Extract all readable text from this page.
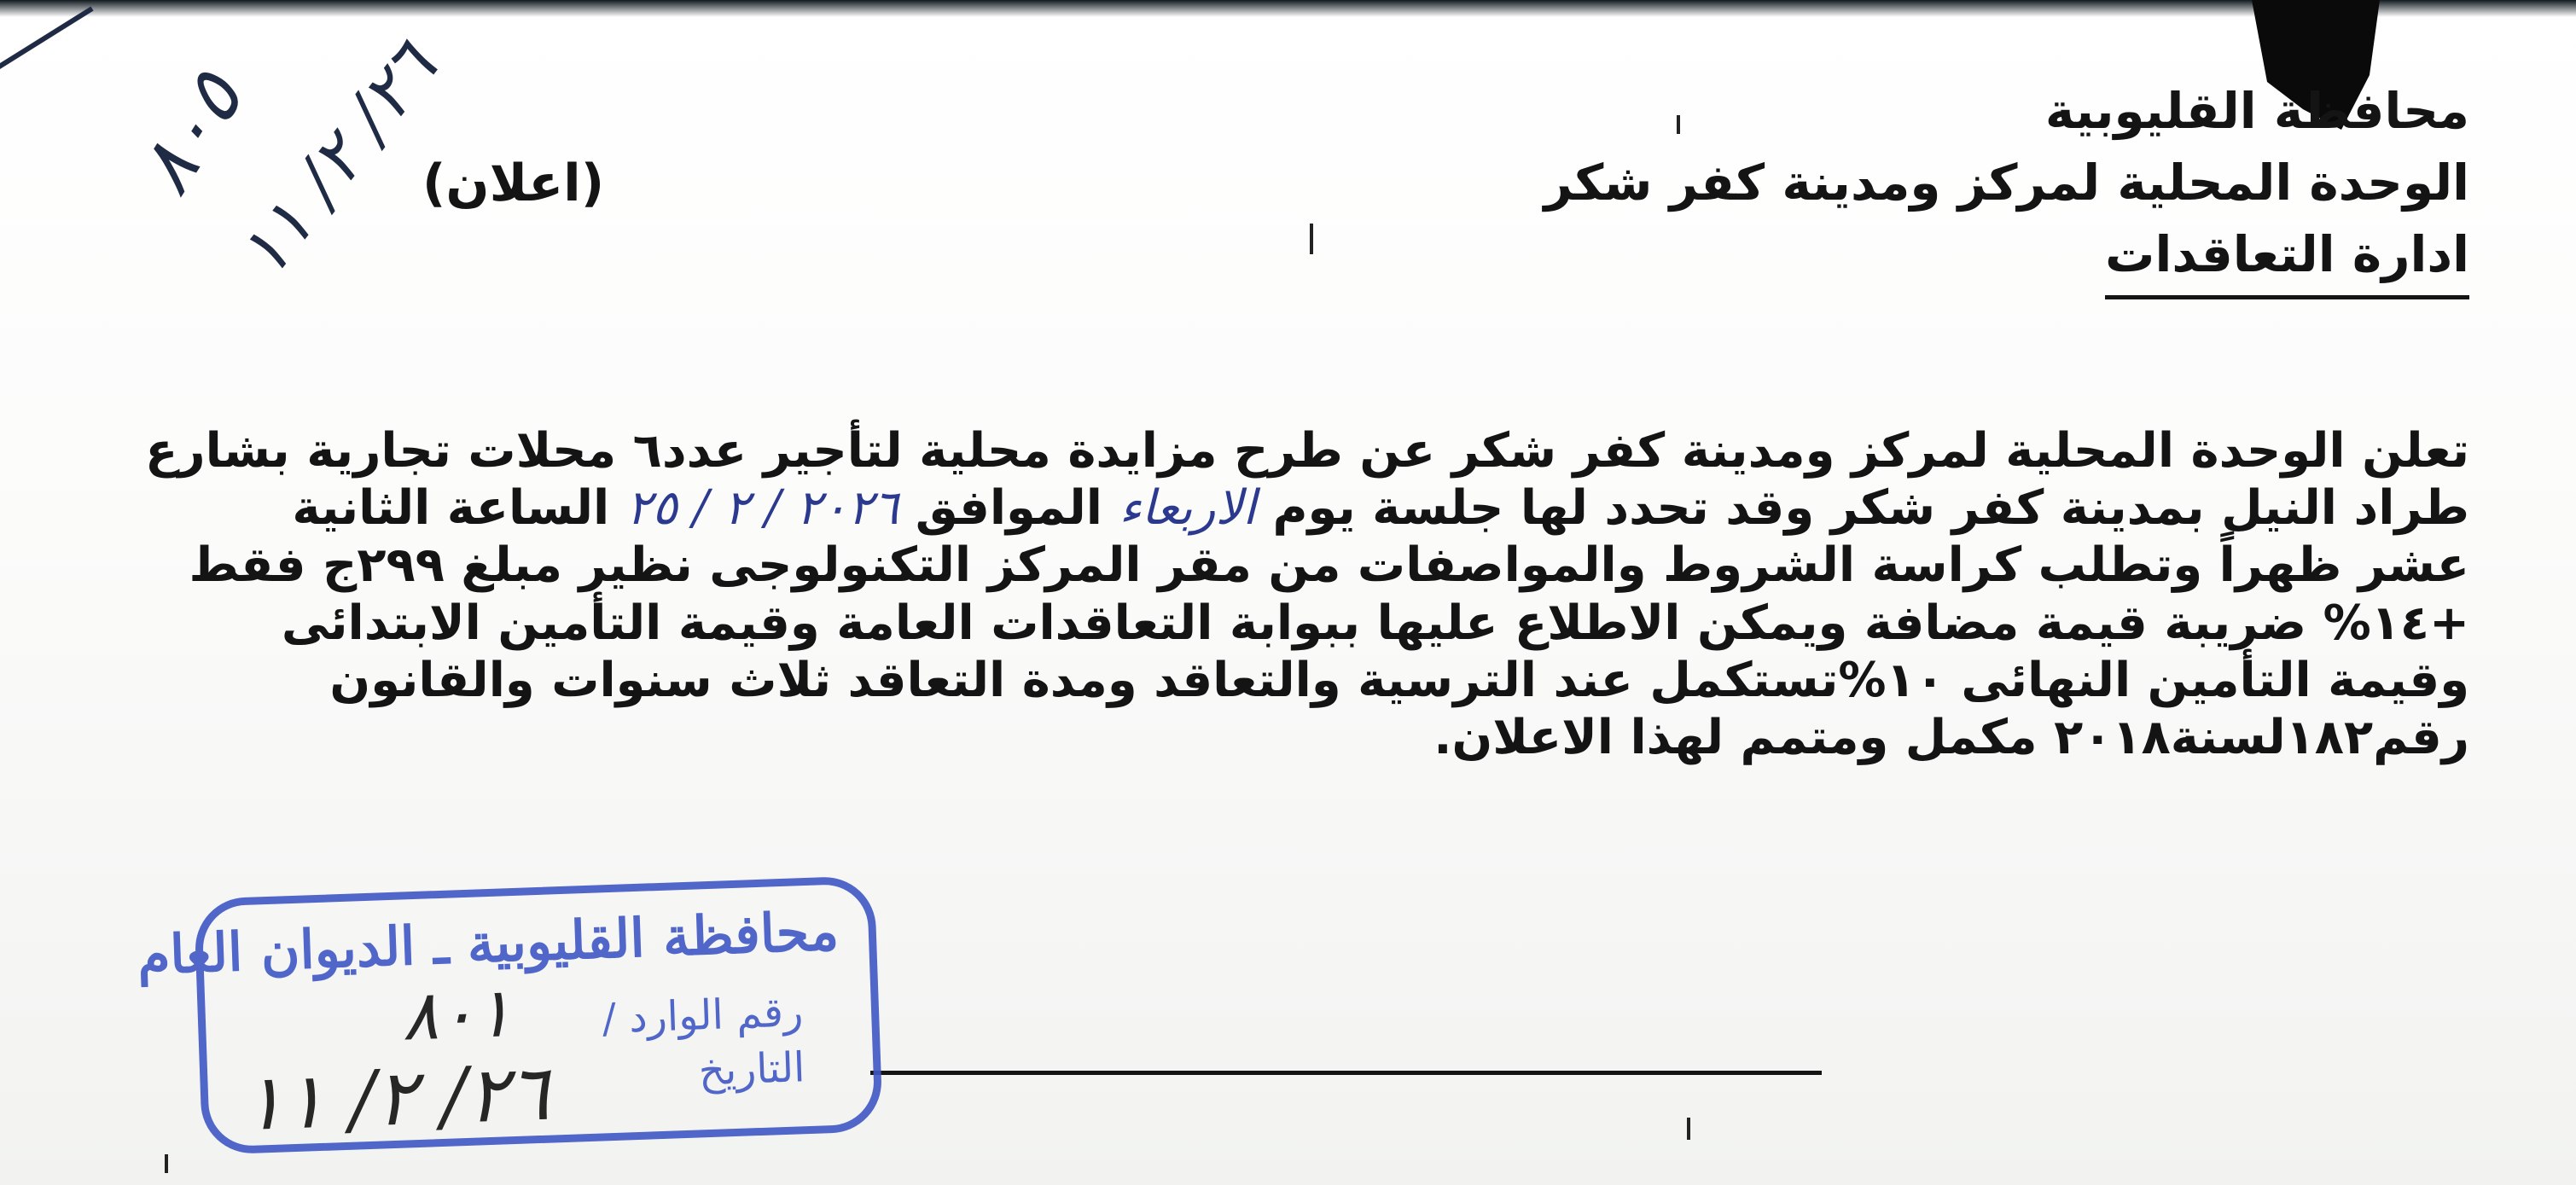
٨٠٥
٢٦/ ٢/ ١١	محافظة القليوبية
الوحدة المحلية لمركز ومدينة كفر شكر
ادارة التعاقدات
(اعلان)
تعلن الوحدة المحلية لمركز ومدينة كفر شكر عن طرح مزايدة محلية لتأجير عدد٦ محلات تجارية بشارع
طراد النيل بمدينة كفر شكر وقد تحدد لها جلسة يوم الاربعاء الموافق ٢٠٢٦ / ٢ / ٢٥ الساعة الثانية
عشر ظهراً وتطلب كراسة الشروط والمواصفات من مقر المركز التكنولوجى نظير مبلغ ٢٩٩ج فقط
+١٤% ضريبة قيمة مضافة ويمكن الاطلاع عليها ببوابة التعاقدات العامة وقيمة التأمين الابتدائى
وقيمة التأمين النهائى ١٠%تستكمل عند الترسية والتعاقد ومدة التعاقد ثلاث سنوات والقانون
رقم١٨٢لسنة٢٠١٨ مكمل ومتمم لهذا الاعلان.
محافظة القليوبية ـ الديوان العام
رقم الوارد /
٨٠١
التاريخ
٢٦/ ٢/ ١١
